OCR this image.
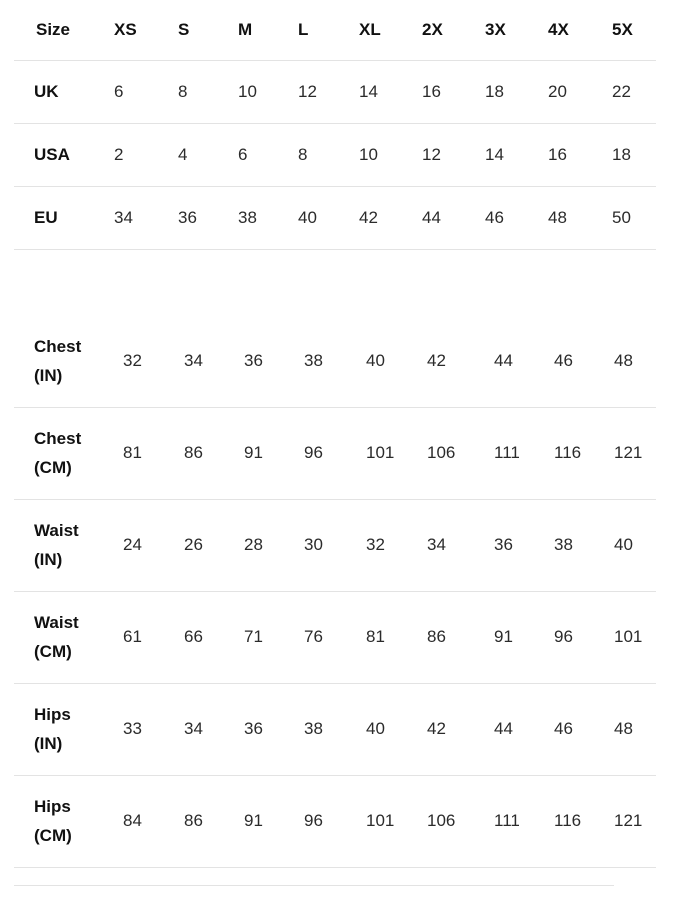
Size	XS	S	M	L	XL	2X	3X	4X	5X
UK	6	8	10	12	14	16	18	20	22
USA	2	4	6	8	10	12	14	16	18
EU	34	36	38	40	42	44	46	48	50
Chest
(IN)	32	34	36	38	40	42	44	46	48
Chest
(CM)	81	86	91	96	101	106	111	116	121
Waist
(IN)	24	26	28	30	32	34	36	38	40
Waist
(CM)	61	66	71	76	81	86	91	96	101
Hips
(IN)	33	34	36	38	40	42	44	46	48
Hips
(CM)	84	86	91	96	101	106	111	116	121
